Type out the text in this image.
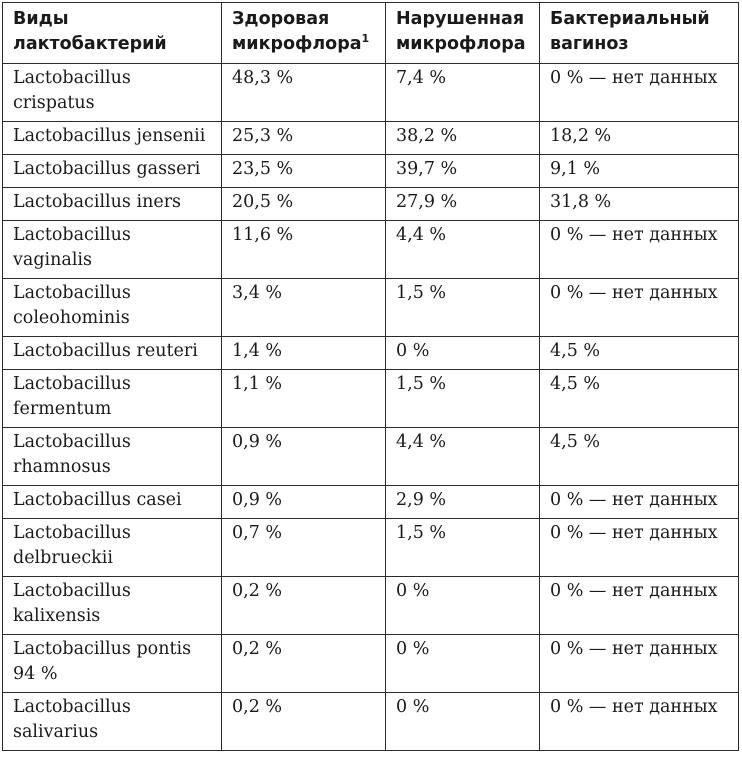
Виды лактобактерий	Здоровая микрофлора$^1$	Нарушенная микрофлора	Бактериальный вагиноз
Lactobacillus crispatus	48,3 %	7,4 %	0 % — нет данных
Lactobacillus jensenii	25,3 %	38,2 %	18,2 %
Lactobacillus gasseri	23,5 %	39,7 %	9,1 %
Lactobacillus iners	20,5 %	27,9 %	31,8 %
Lactobacillus vaginalis	11,6 %	4,4 %	0 % — нет данных
Lactobacillus coleohominis	3,4 %	1,5 %	0 % — нет данных
Lactobacillus reuteri	1,4 %	0 %	4,5 %
Lactobacillus fermentum	1,1 %	1,5 %	4,5 %
Lactobacillus rhamnosus	0,9 %	4,4 %	4,5 %
Lactobacillus casei	0,9 %	2,9 %	0 % — нет данных
Lactobacillus delbrueckii	0,7 %	1,5 %	0 % — нет данных
Lactobacillus kalixensis	0,2 %	0 %	0 % — нет данных
Lactobacillus pontis 94 %	0,2 %	0 %	0 % — нет данных
Lactobacillus salivarius	0,2 %	0 %	0 % — нет данных
